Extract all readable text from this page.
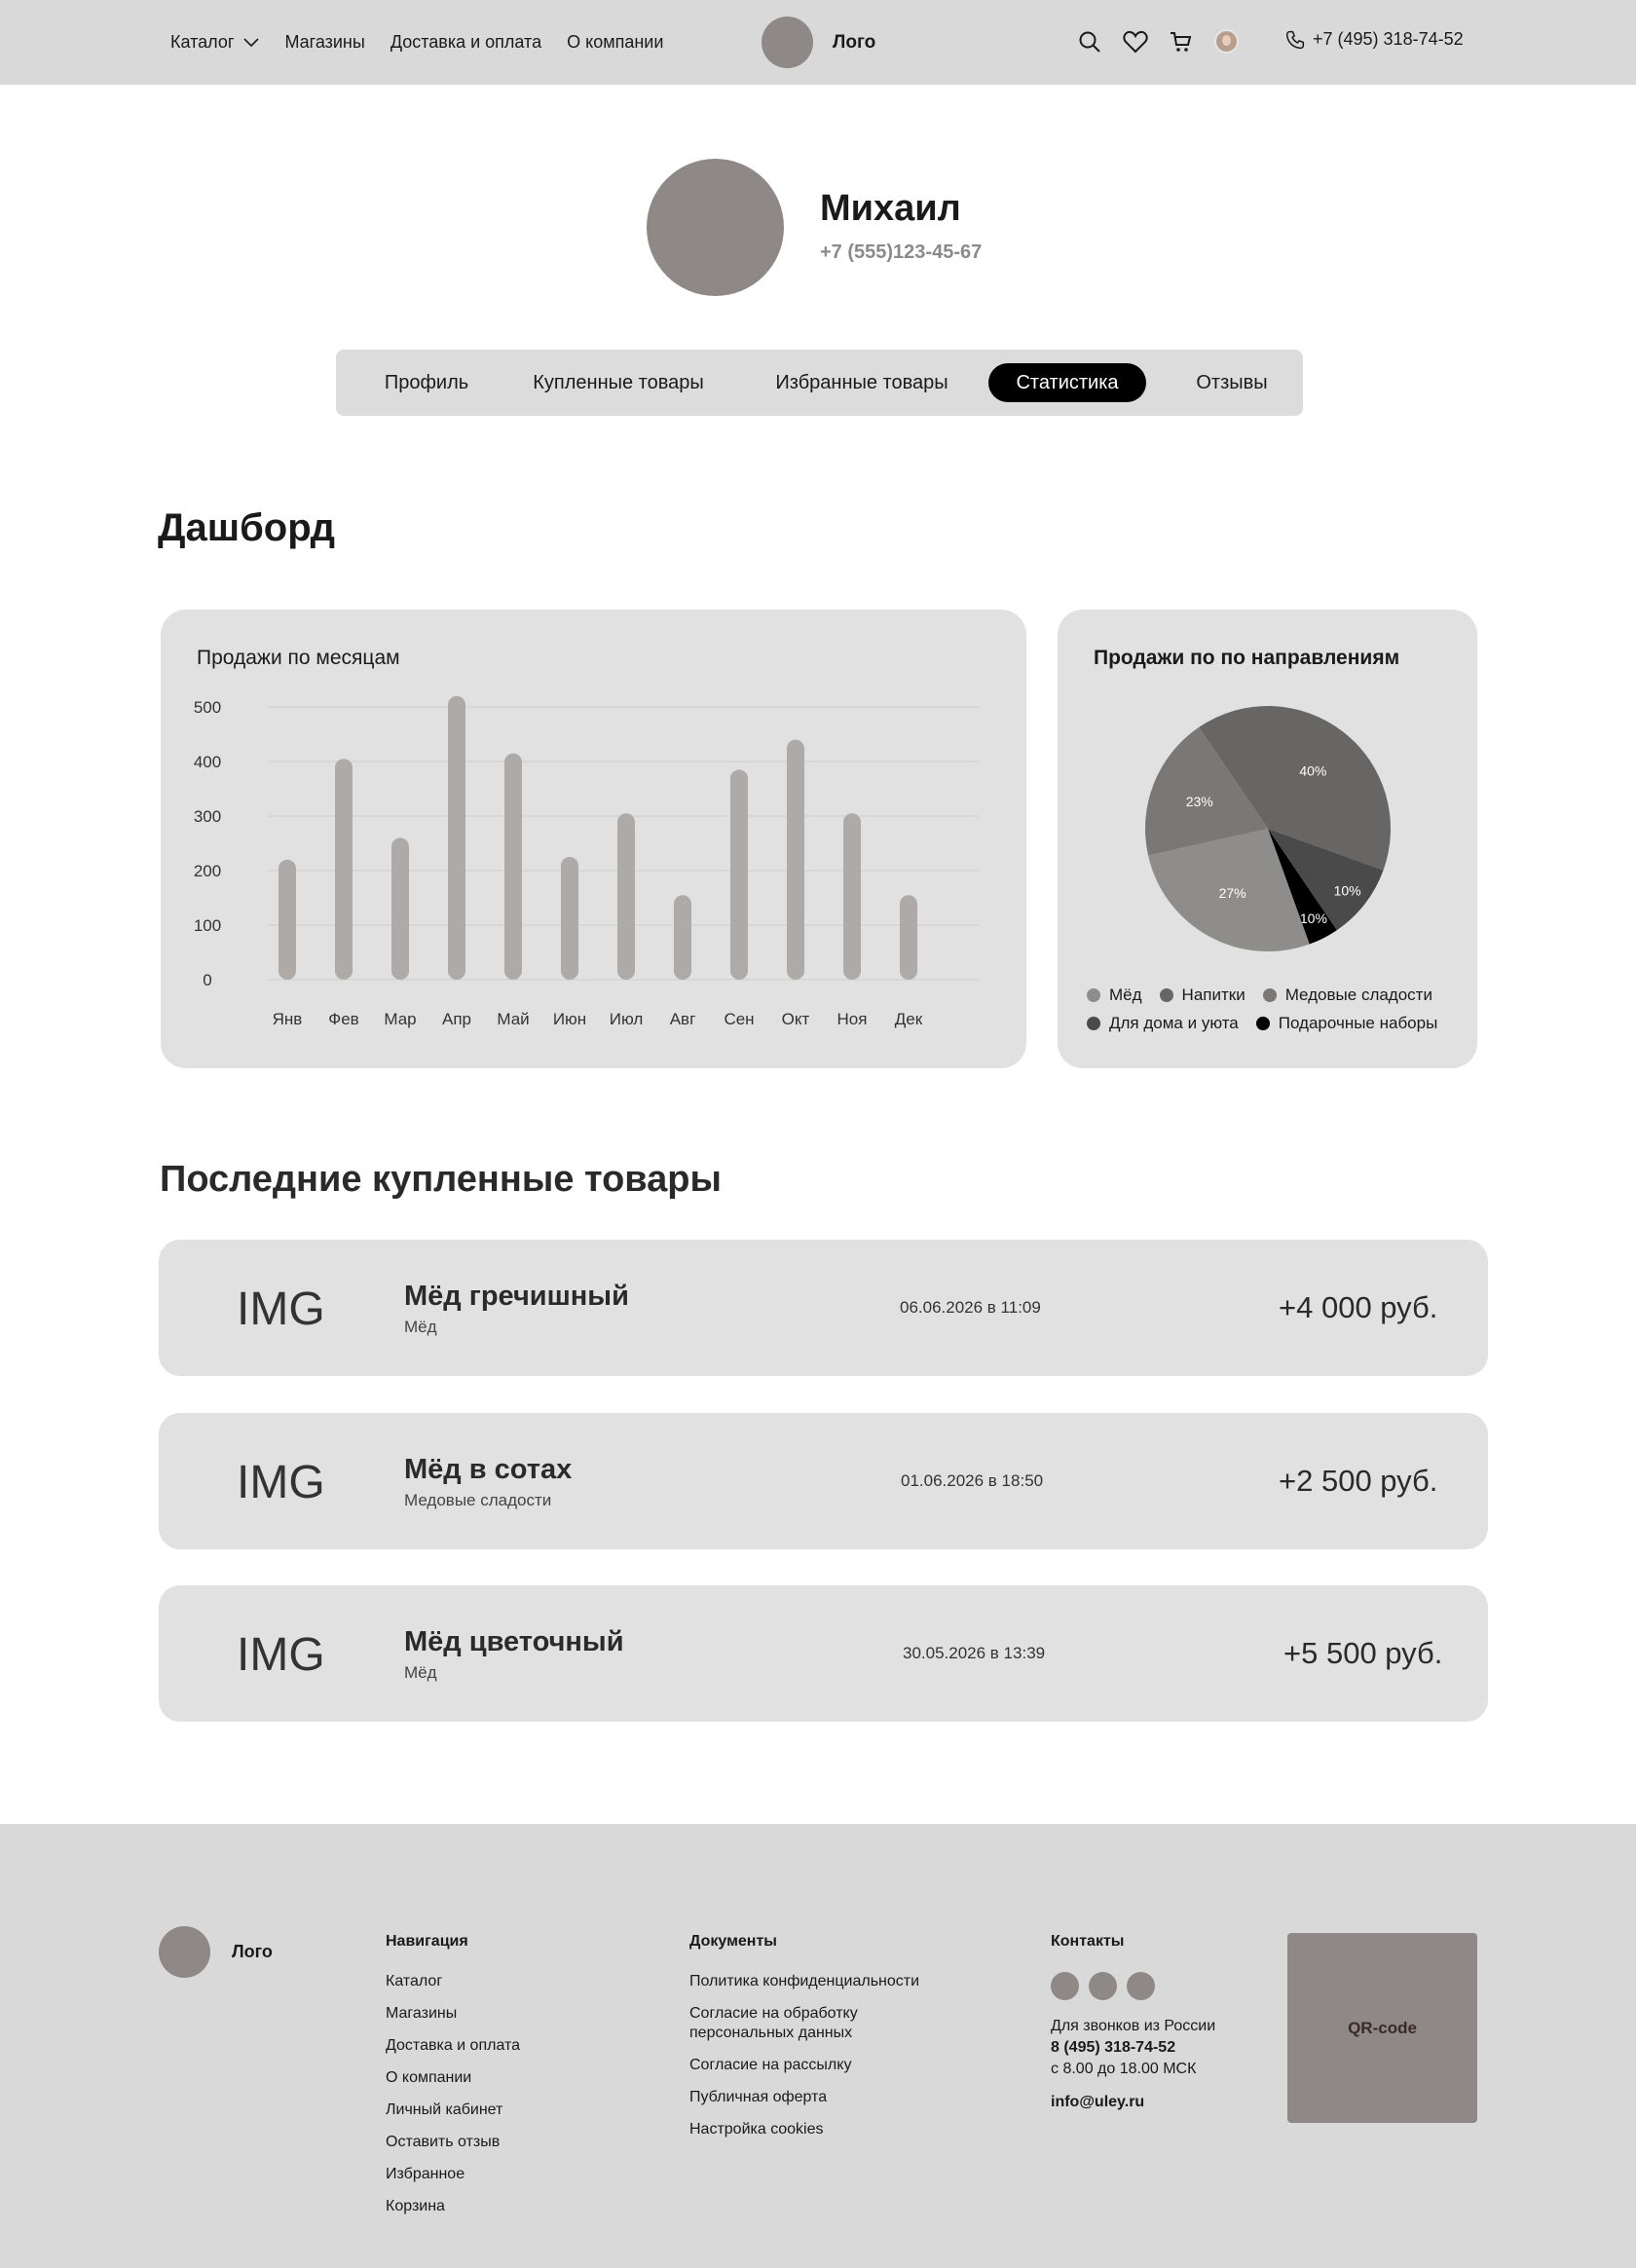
Каталог	Магазины Доставка и оплата О компании	Лого	+7 (495) 318-74-52
Михаил
+7 (555)123-45-67
Профиль	Купленные товары	Избранные товары	Статистика	Отзывы
Дашборд
Продажи по месяцам
0
100
200
300
400
500
Янв Фев Мар Апр Май Июн Июл Авг Сен Окт Ноя Дек
Продажи по по направлениям
40%
10%
10%
27%
23%
Мёд Напитки Медовые сладости
Для дома и уюта Подарочные наборы
Последние купленные товары
IMG	Мёд гречишный
Мёд
06.06.2026 в 11:09	+4 000 руб.
IMG	Мёд в сотах
Медовые сладости
01.06.2026 в 18:50	+2 500 руб.
IMG	Мёд цветочный
Мёд
30.05.2026 в 13:39	+5 500 руб.
Лого
Навигация
Каталог
Магазины
Доставка и оплата
О компании
Личный кабинет
Оставить отзыв
Избранное
Корзина
Документы
Политика конфиденциальности
Согласие на обработку персональных данных
Согласие на рассылку
Публичная оферта
Настройка cookies
Контакты
Для звонков из России
8 (495) 318-74-52
с 8.00 до 18.00 МСК
info@uley.ru
QR-code
